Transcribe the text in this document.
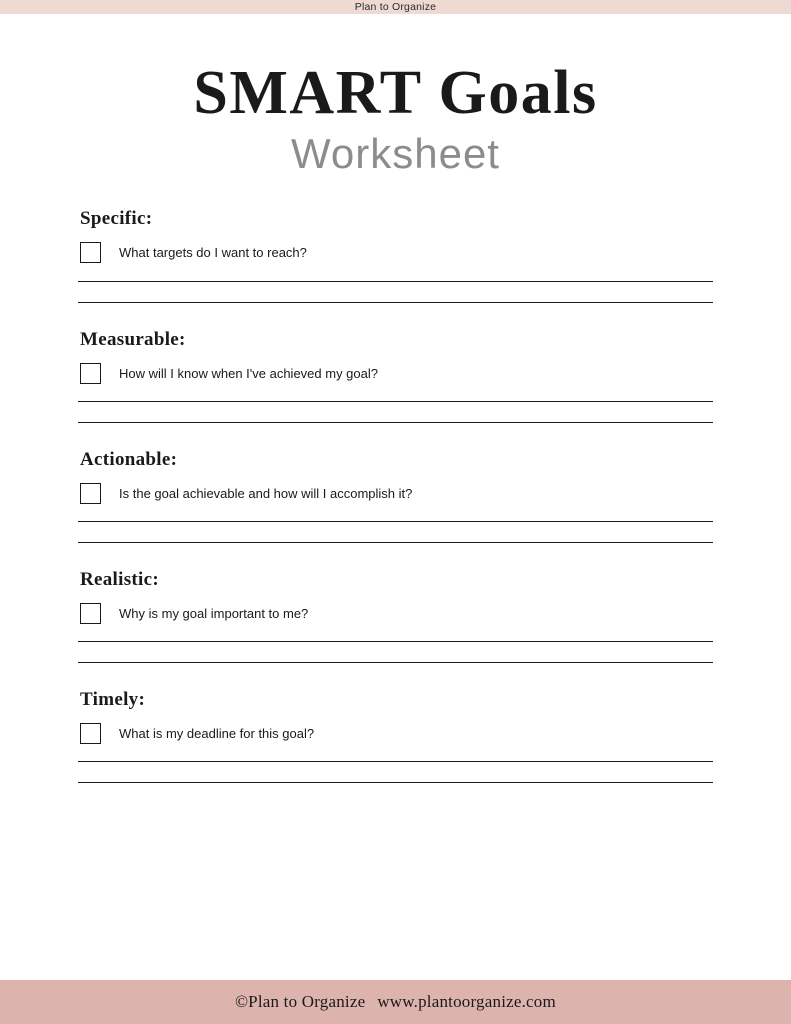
Plan to Organize
SMART Goals
Worksheet
Specific:
What targets do I want to reach?
Measurable:
How will I know when I've achieved my goal?
Actionable:
Is the goal achievable and how will I accomplish it?
Realistic:
Why is my goal important to me?
Timely:
What is my deadline for this goal?
©Plan to Organize www.plantoorganize.com
